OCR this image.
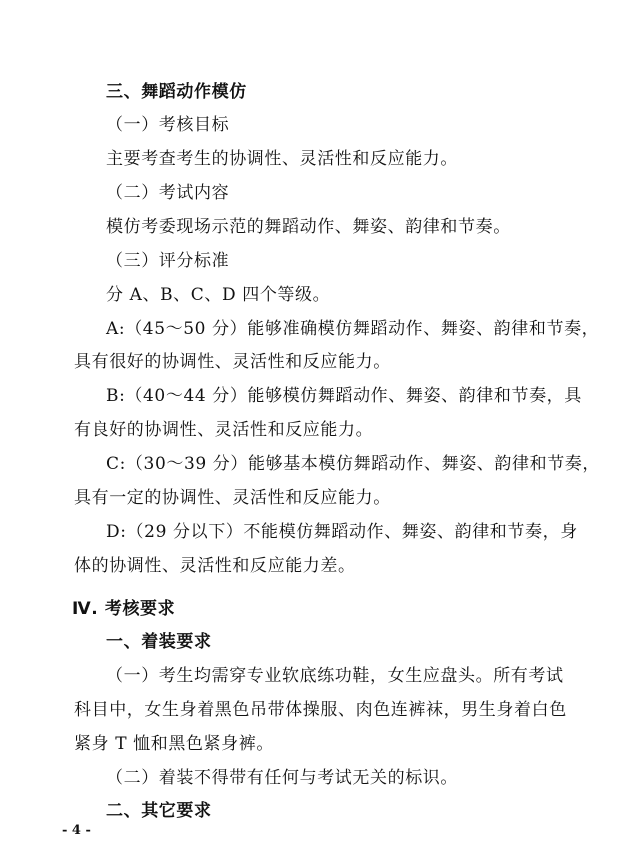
三、舞蹈动作模仿

（一）考核目标

主要考查考生的协调性、灵活性和反应能力。

（二）考试内容

模仿考委现场示范的舞蹈动作、舞姿、韵律和节奏。

（三）评分标准

分 A、B、C、D 四个等级。

A:（45～50 分）能够准确模仿舞蹈动作、舞姿、韵律和节奏，

具有很好的协调性、灵活性和反应能力。

B:（40～44 分）能够模仿舞蹈动作、舞姿、韵律和节奏，具

有良好的协调性、灵活性和反应能力。

C:（30～39 分）能够基本模仿舞蹈动作、舞姿、韵律和节奏，

具有一定的协调性、灵活性和反应能力。

D:（29 分以下）不能模仿舞蹈动作、舞姿、韵律和节奏，身

体的协调性、灵活性和反应能力差。

Ⅳ. 考核要求

一、着装要求

（一）考生均需穿专业软底练功鞋，女生应盘头。所有考试

科目中，女生身着黑色吊带体操服、肉色连裤袜，男生身着白色

紧身 T 恤和黑色紧身裤。

（二）着装不得带有任何与考试无关的标识。

二、其它要求

- 4 -
